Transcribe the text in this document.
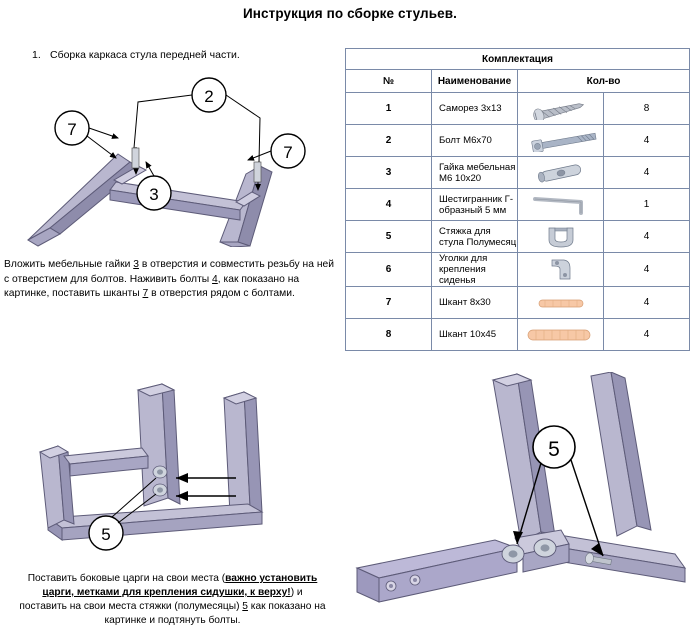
Инструкция по сборке стульев.
1. Сборка каркаса стула передней части.
2
7
7
3
Вложить мебельные гайки 3 в отверстия и совместить резьбу на ней с отверстием для болтов. Наживить болты 4, как показано на картинке, поставить шканты 7 в отверстия рядом с болтами.
Комплектация			
№	Наименование	Кол-во	
1	Саморез 3х13		8
2	Болт М6х70		4
3	Гайка мебельная М6 10х20		4
4	Шестигранник Г-образный 5 мм		1
5	Стяжка для стула Полумесяц		4
6	Уголки для крепления сиденья		4
7	Шкант 8х30		4
8	Шкант 10х45		4
5
Поставить боковые царги на свои места (важно установить
царги, метками для крепления сидушки, к верху!) и
поставить на свои места стяжки (полумесяцы) 5 как показано на
картинке и подтянуть болты.
5
